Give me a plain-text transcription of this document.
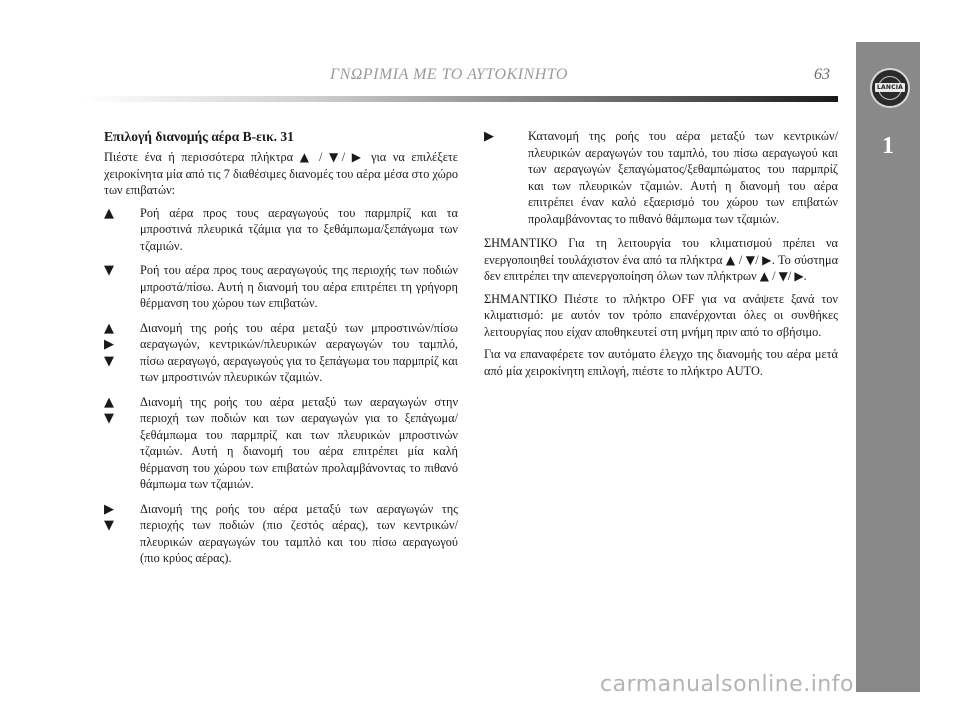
ΓΝΩΡΙΜΙΑ ΜΕ ΤΟ ΑΥΤΟΚΙΝΗΤΟ	63
LANCIA
1
Επιλογή διανομής αέρα B-εικ. 31

Πιέστε ένα ή περισσότερα πλήκτρα ▲ / ▼/ ▶ για να επιλέξετε χειροκίνητα μία από τις 7 διαθέσιμες διανομές του αέρα μέσα στο χώρο των επιβατών:

▲ Ροή αέρα προς τους αεραγωγούς του παρμπρίζ και τα μπροστινά πλευρικά τζάμια για το ξεθάμπωμα/ξεπάγωμα των τζαμιών.
▼ Ροή του αέρα προς τους αεραγωγούς της περιοχής των ποδιών μπροστά/πίσω. Αυτή η διανομή του αέρα επιτρέπει τη γρήγορη θέρμανση του χώρου των επιβατών.
▲
▶
▼
Διανομή της ροής του αέρα μεταξύ των μπροστινών/πίσω αεραγωγών, κεντρικών/πλευρικών αεραγωγών του ταμπλό, πίσω αεραγωγό, αεραγωγούς για το ξεπάγωμα του παρμπρίζ και των μπροστινών πλευρικών τζαμιών.
▲
▼
Διανομή της ροής του αέρα μεταξύ των αεραγωγών στην περιοχή των ποδιών και των αεραγωγών για το ξεπάγωμα/ξεθάμπωμα του παρμπρίζ και των πλευρικών μπροστινών τζαμιών. Αυτή η διανομή του αέρα επιτρέπει μία καλή θέρμανση του χώρου των επιβατών προλαμβάνοντας το πιθανό θάμπωμα των τζαμιών.
▶
▼
Διανομή της ροής του αέρα μεταξύ των αεραγωγών της περιοχής των ποδιών (πιο ζεστός αέρας), των κεντρικών/πλευρικών αεραγωγών του ταμπλό και του πίσω αεραγωγού (πιο κρύος αέρας).
▶	Κατανομή της ροής του αέρα μεταξύ των κεντρικών/πλευρικών αεραγωγών του ταμπλό, του πίσω αεραγωγού και των αεραγωγών ξεπαγώματος/ξεθαμπώματος του παρμπρίζ και των πλευρικών τζαμιών. Αυτή η διανομή του αέρα επιτρέπει έναν καλό εξαερισμό του χώρου των επιβατών προλαμβάνοντας το πιθανό θάμπωμα των τζαμιών.

ΣΗΜΑΝΤΙΚΟ Για τη λειτουργία του κλιματισμού πρέπει να ενεργοποιηθεί τουλάχιστον ένα από τα πλήκτρα ▲ / ▼/ ▶. Το σύστημα δεν επιτρέπει την απενεργοποίηση όλων των πλήκτρων ▲ / ▼/ ▶.

ΣΗΜΑΝΤΙΚΟ Πιέστε το πλήκτρο OFF για να ανάψετε ξανά τον κλιματισμό: με αυτόν τον τρόπο επανέρχονται όλες οι συνθήκες λειτουργίας που είχαν αποθηκευτεί στη μνήμη πριν από το σβήσιμο.

Για να επαναφέρετε τον αυτόματο έλεγχο της διανομής του αέρα μετά από μία χειροκίνητη επιλογή, πιέστε το πλήκτρο AUTO.

carmanualsonline.info
